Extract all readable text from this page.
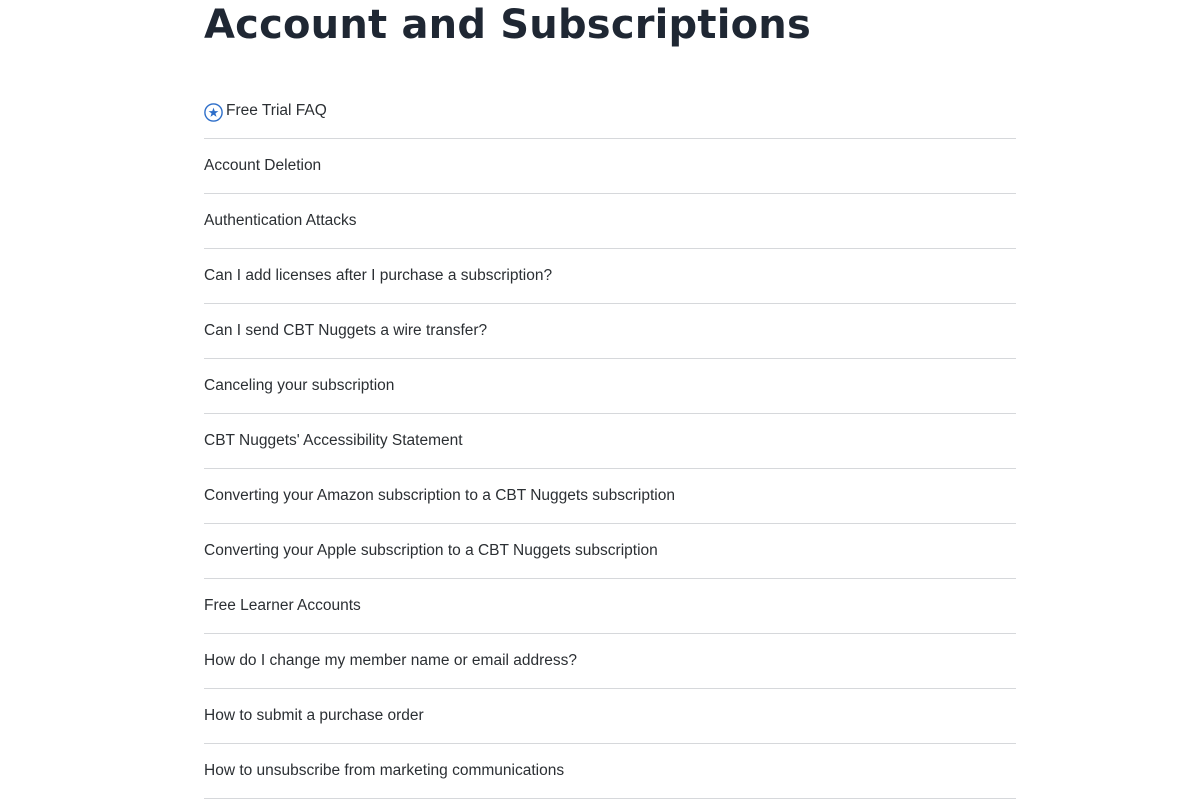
Account and Subscriptions
Free Trial FAQ
Account Deletion
Authentication Attacks
Can I add licenses after I purchase a subscription?
Can I send CBT Nuggets a wire transfer?
Canceling your subscription
CBT Nuggets' Accessibility Statement
Converting your Amazon subscription to a CBT Nuggets subscription
Converting your Apple subscription to a CBT Nuggets subscription
Free Learner Accounts
How do I change my member name or email address?
How to submit a purchase order
How to unsubscribe from marketing communications
